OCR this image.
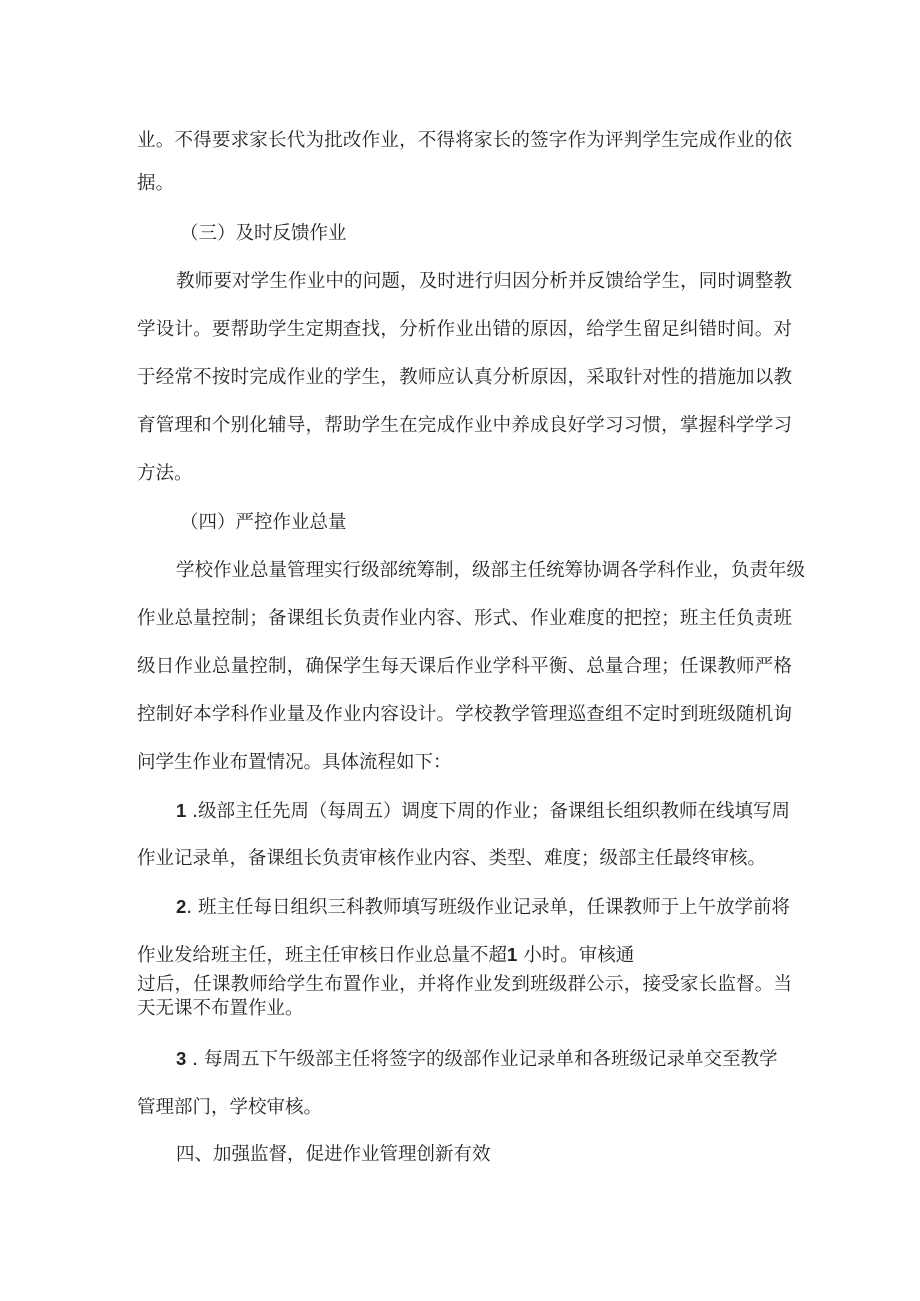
业。不得要求家长代为批改作业，不得将家长的签字作为评判学生完成作业的依

据。

（三）及时反馈作业

教师要对学生作业中的问题，及时进行归因分析并反馈给学生，同时调整教

学设计。要帮助学生定期查找，分析作业出错的原因，给学生留足纠错时间。对

于经常不按时完成作业的学生，教师应认真分析原因，采取针对性的措施加以教

育管理和个别化辅导，帮助学生在完成作业中养成良好学习习惯，掌握科学学习

方法。

（四）严控作业总量

学校作业总量管理实行级部统筹制，级部主任统筹协调各学科作业，负责年级

作业总量控制；备课组长负责作业内容、形式、作业难度的把控；班主任负责班

级日作业总量控制，确保学生每天课后作业学科平衡、总量合理；任课教师严格

控制好本学科作业量及作业内容设计。学校教学管理巡查组不定时到班级随机询

问学生作业布置情况。具体流程如下：

1 .级部主任先周（每周五）调度下周的作业；备课组长组织教师在线填写周

作业记录单，备课组长负责审核作业内容、类型、难度；级部主任最终审核。

2. 班主任每日组织三科教师填写班级作业记录单，任课教师于上午放学前将

作业发给班主任，班主任审核日作业总量不超1 小时。审核通

过后，任课教师给学生布置作业，并将作业发到班级群公示，接受家长监督。当

天无课不布置作业。

3 . 每周五下午级部主任将签字的级部作业记录单和各班级记录单交至教学

管理部门，学校审核。

四、加强监督，促进作业管理创新有效
